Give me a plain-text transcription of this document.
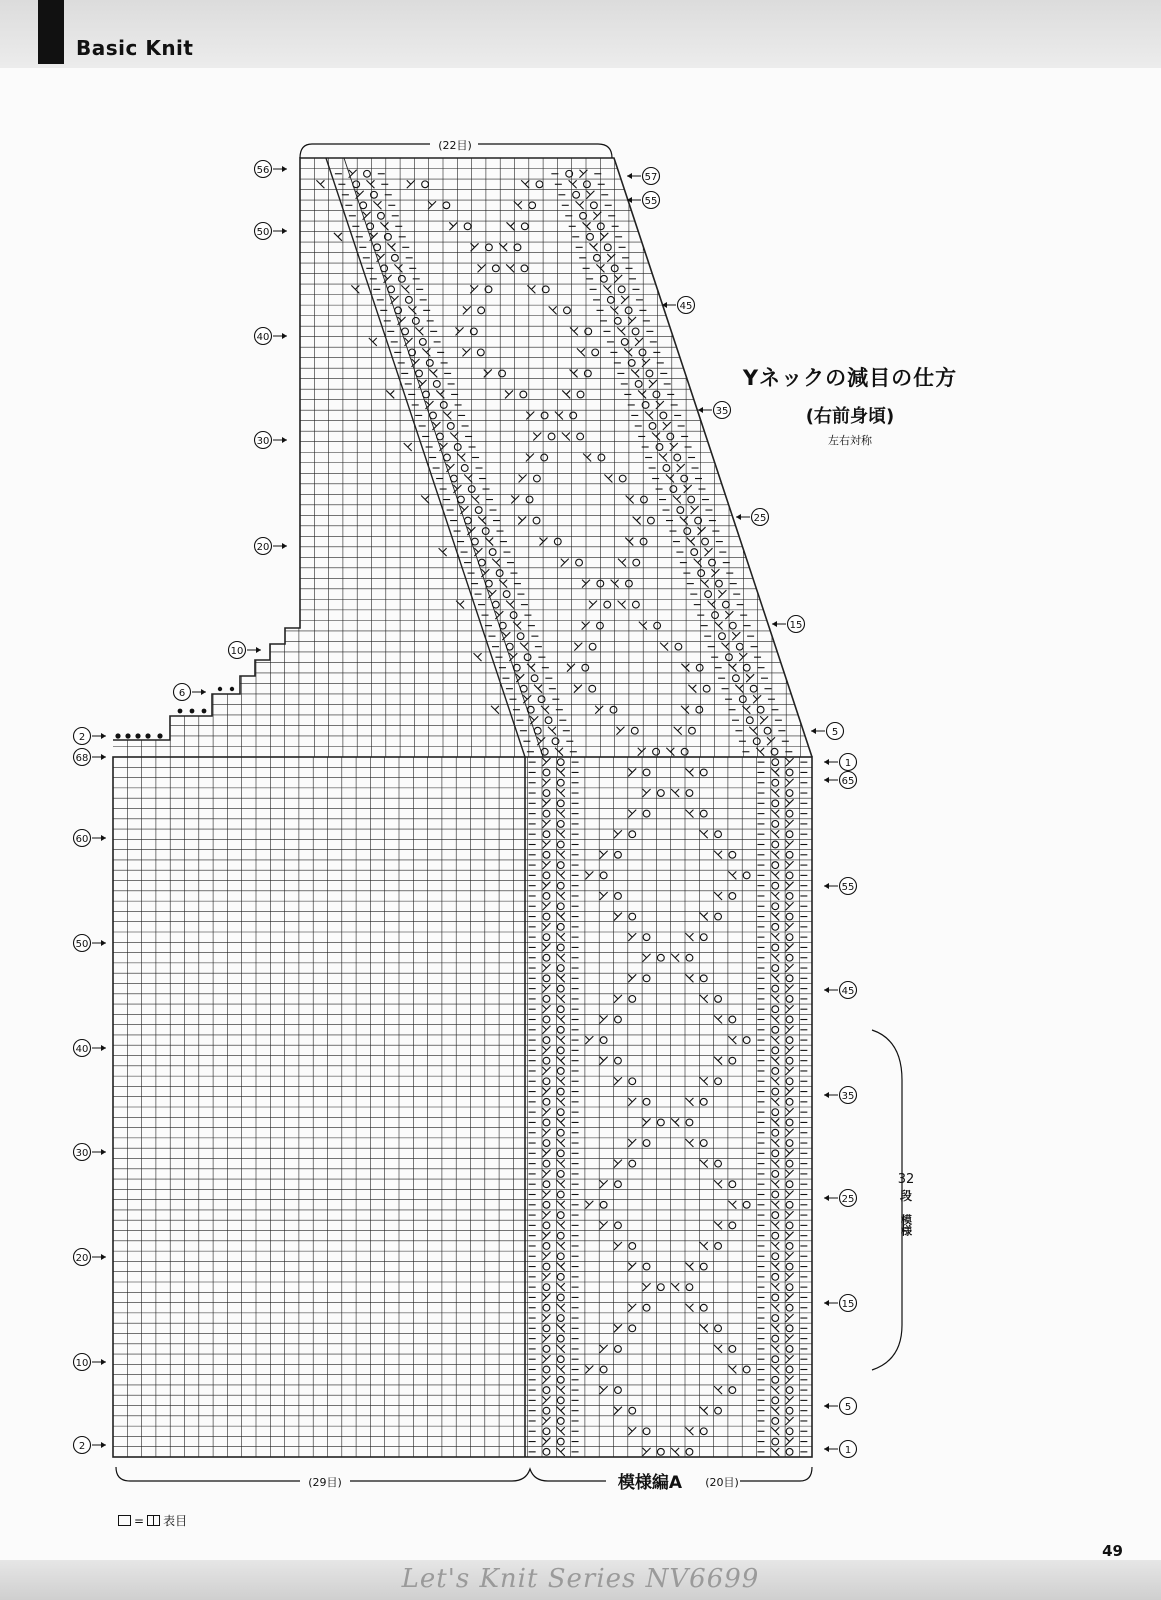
Basic Knit
68
60
50
40
30
20
10
2
65
55
45
35
25
15
5
1
56
50
40
30
20
10
6
2
57
55
45
35
25
15
5
1
(22目)
(29目)	模様編A (20目)
32
段
模様
Yネックの減目の仕方
(右前身頃)
左右対称
= 表目
49
Let's Knit Series NV6699
